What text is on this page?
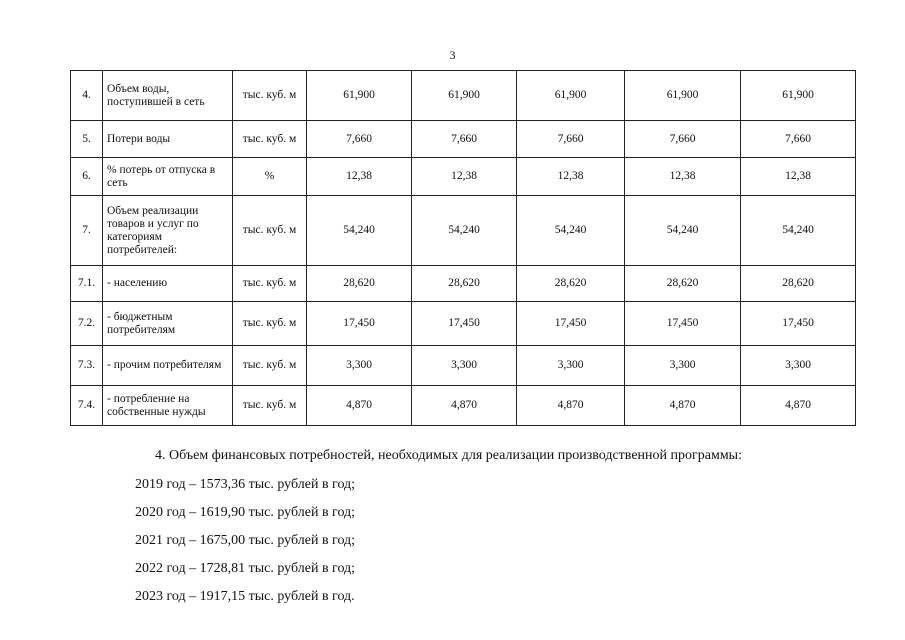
3
4.	Объем воды, поступившей в сеть	тыс. куб. м	61,900	61,900	61,900	61,900	61,900
5.	Потери воды	тыс. куб. м	7,660	7,660	7,660	7,660	7,660
6.	% потерь от отпуска в сеть	%	12,38	12,38	12,38	12,38	12,38
7.	Объем реализации товаров и услуг по категориям потребителей:	тыс. куб. м	54,240	54,240	54,240	54,240	54,240
7.1.	- населению	тыс. куб. м	28,620	28,620	28,620	28,620	28,620
7.2.	- бюджетным потребителям	тыс. куб. м	17,450	17,450	17,450	17,450	17,450
7.3.	- прочим потребителям	тыс. куб. м	3,300	3,300	3,300	3,300	3,300
7.4.	- потребление на собственные нужды	тыс. куб. м	4,870	4,870	4,870	4,870	4,870

4. Объем финансовых потребностей, необходимых для реализации производственной программы:

2019 год – 1573,36 тыс. рублей в год;

2020 год – 1619,90 тыс. рублей в год;

2021 год – 1675,00 тыс. рублей в год;

2022 год – 1728,81 тыс. рублей в год;

2023 год – 1917,15 тыс. рублей в год.
